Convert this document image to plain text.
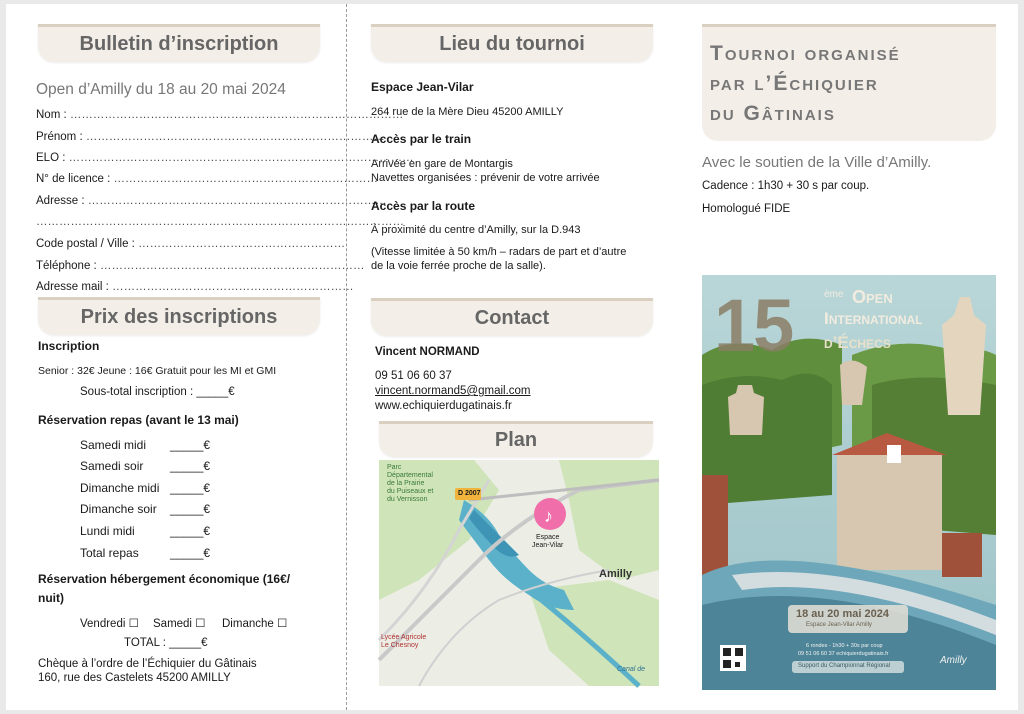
Bulletin d’inscription
Open d’Amilly du 18 au 20 mai 2024
Nom : ……………………………………………………………………………
Prénom : ……………………………………………………………………
ELO : ………………………………………………………………………………
N° de licence : ……………………………………………………………
Adresse : ……………………………………………………………………
……………………………………………………………………………………
Code postal / Ville : ………………………………………………
Téléphone : ……………………………………………………………
Adresse mail : ………………………………………………………
Prix des inscriptions
Inscription
Senior : 32€ Jeune : 16€ Gratuit pour les MI et GMI
Sous-total inscription : _____€
Réservation repas (avant le 13 mai)
Samedi midi _____€
Samedi soir _____€
Dimanche midi _____€
Dimanche soir _____€
Lundi midi	_____€
Total repas	_____€
Réservation hébergement économique (16€/
nuit)
Vendredi ☐ Samedi ☐ Dimanche ☐
TOTAL : _____€
Chèque à l’ordre de l’Échiquier du Gâtinais
160, rue des Castelets 45200 AMILLY
Lieu du tournoi
Espace Jean-Vilar
264 rue de la Mère Dieu 45200 AMILLY
Accès par le train
Arrivée en gare de Montargis
Navettes organisées : prévenir de votre arrivée
Accès par la route
À proximité du centre d’Amilly, sur la D.943
(Vitesse limitée à 50 km/h – radars de part et d’autre
de la voie ferrée proche de la salle).
Contact
Vincent NORMAND
09 51 06 60 37
vincent.normand5@gmail.com
www.echiquierdugatinais.fr
Plan
♪
Parc
Départemental
de la Prairie
du Puiseaux et
du Vernisson
D 2007
Espace
Jean-Vilar
Amilly
Lycée Agricole
Le Chesnoy
Canal de
Tournoi organisé
par l’Échiquier
du Gâtinais
Avec le soutien de la Ville d’Amilly.
Cadence : 1h30 + 30 s par coup.
Homologué FIDE
15	ème Open
International
d’Échecs
18 au 20 mai 2024
Espace Jean-Vilar Amilly
6 rondes - 1h30 + 30s par coup
09 51 06 60 37 echiquierdugatinais.fr
Support du Championnat Régional	Amilly
